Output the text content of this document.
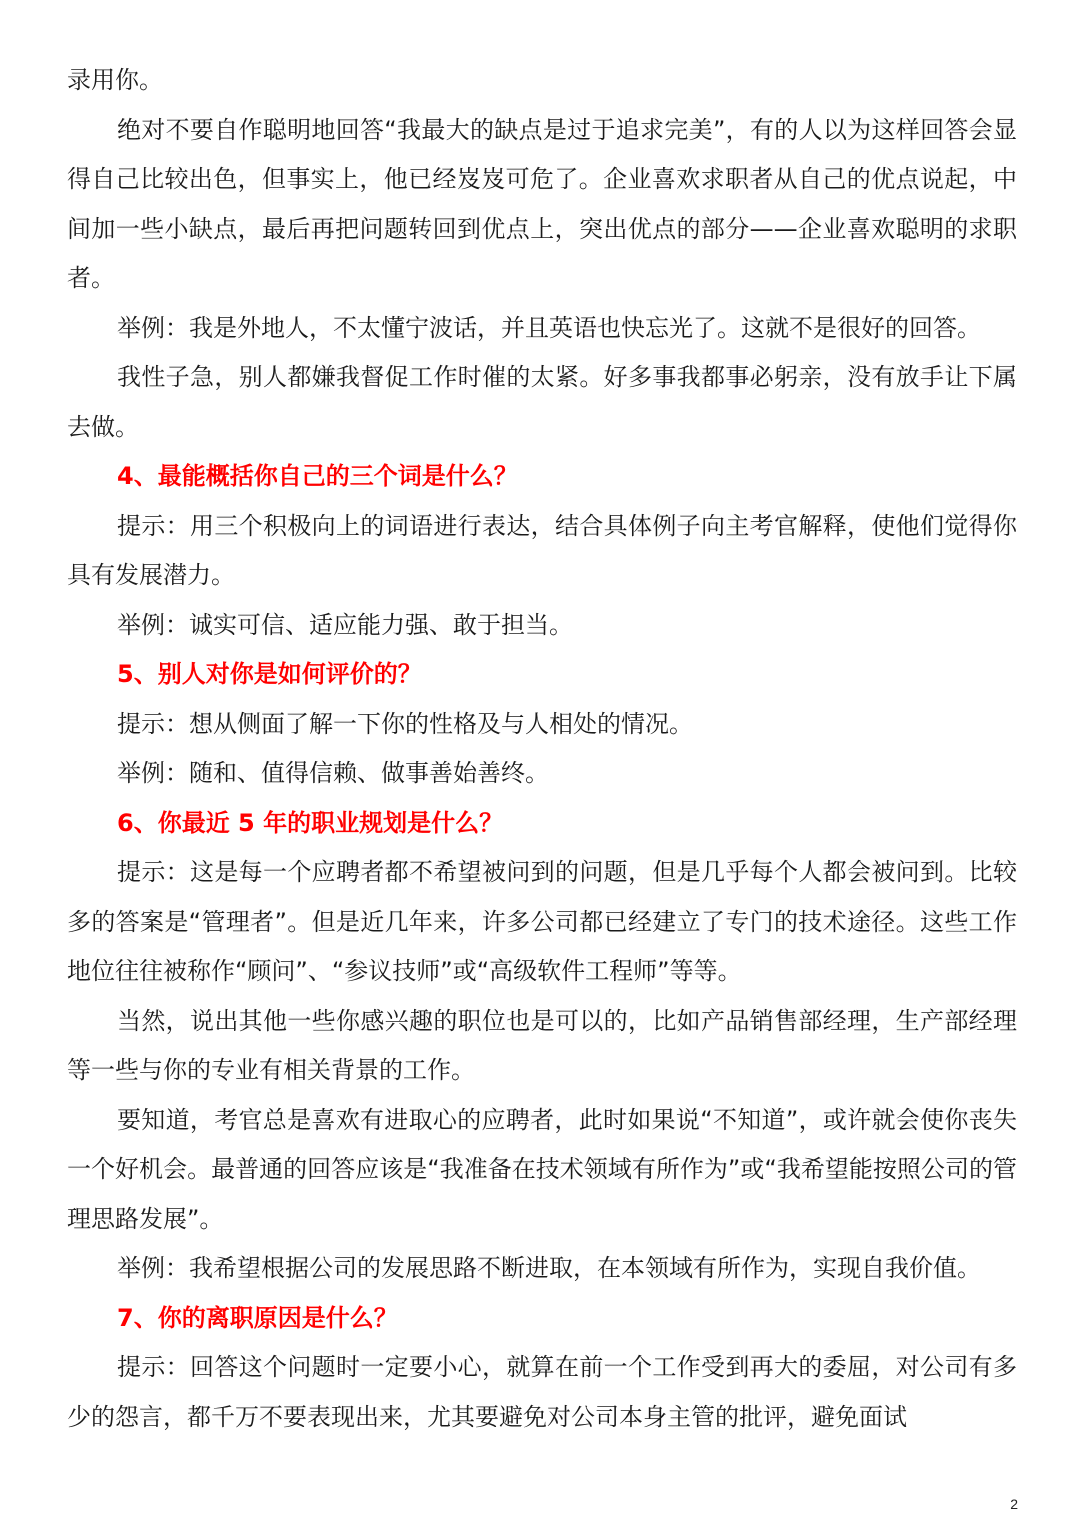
录用你。

绝对不要自作聪明地回答“我最大的缺点是过于追求完美”，有的人以为这样回答会显得自己比较出色，但事实上，他已经岌岌可危了。企业喜欢求职者从自己的优点说起，中间加一些小缺点，最后再把问题转回到优点上，突出优点的部分——企业喜欢聪明的求职者。

举例：我是外地人，不太懂宁波话，并且英语也快忘光了。这就不是很好的回答。

我性子急，别人都嫌我督促工作时催的太紧。好多事我都事必躬亲，没有放手让下属去做。

4、最能概括你自己的三个词是什么？

提示：用三个积极向上的词语进行表达，结合具体例子向主考官解释，使他们觉得你具有发展潜力。

举例：诚实可信、适应能力强、敢于担当。

5、别人对你是如何评价的？

提示：想从侧面了解一下你的性格及与人相处的情况。

举例：随和、值得信赖、做事善始善终。

6、你最近 5 年的职业规划是什么？

提示：这是每一个应聘者都不希望被问到的问题，但是几乎每个人都会被问到。比较多的答案是“管理者”。但是近几年来，许多公司都已经建立了专门的技术途径。这些工作地位往往被称作“顾问”、“参议技师”或“高级软件工程师”等等。

当然，说出其他一些你感兴趣的职位也是可以的，比如产品销售部经理，生产部经理等一些与你的专业有相关背景的工作。

要知道，考官总是喜欢有进取心的应聘者，此时如果说“不知道”，或许就会使你丧失一个好机会。最普通的回答应该是“我准备在技术领域有所作为”或“我希望能按照公司的管理思路发展”。

举例：我希望根据公司的发展思路不断进取，在本领域有所作为，实现自我价值。

7、你的离职原因是什么？

提示：回答这个问题时一定要小心，就算在前一个工作受到再大的委屈，对公司有多少的怨言，都千万不要表现出来，尤其要避免对公司本身主管的批评，避免面试

2
